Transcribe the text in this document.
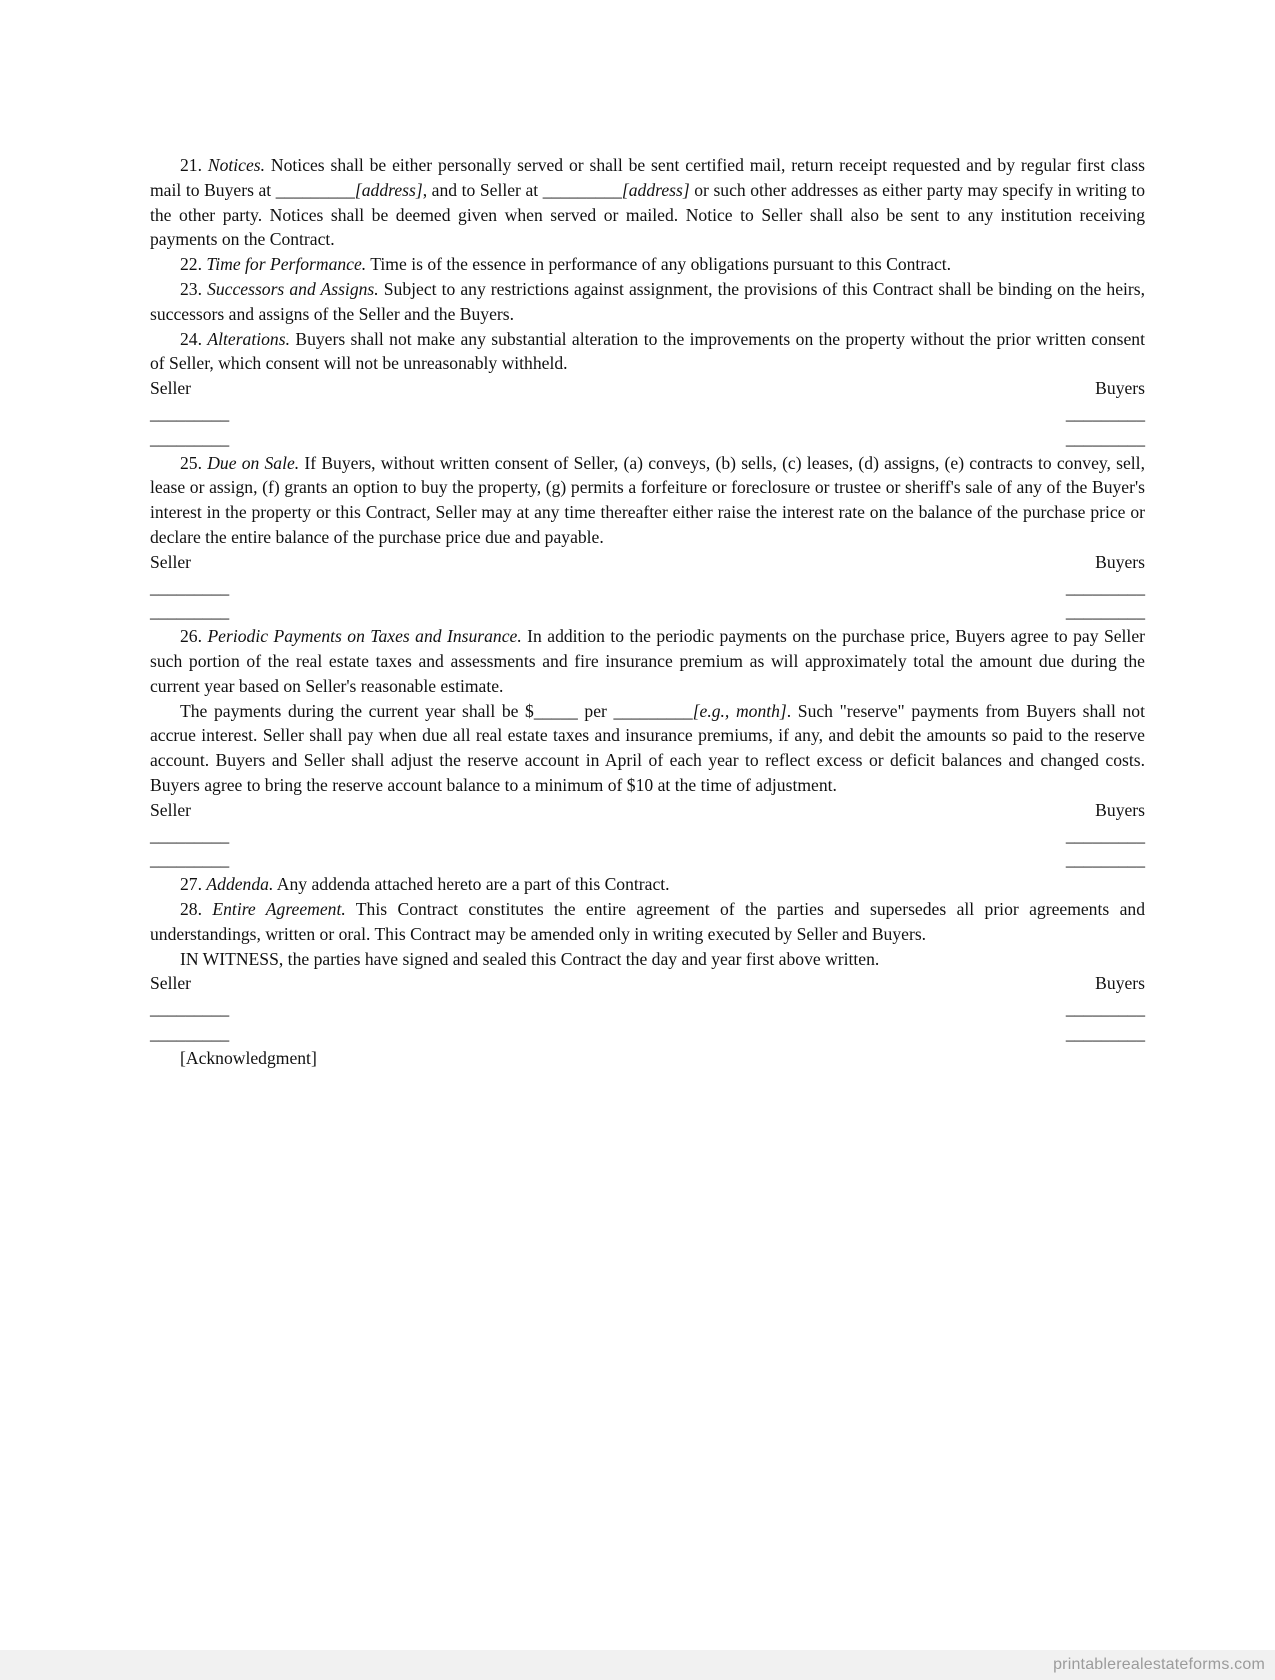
21. Notices. Notices shall be either personally served or shall be sent certified mail, return receipt requested and by regular first class mail to Buyers at _________[address], and to Seller at _________[address] or such other addresses as either party may specify in writing to the other party. Notices shall be deemed given when served or mailed. Notice to Seller shall also be sent to any institution receiving payments on the Contract.

22. Time for Performance. Time is of the essence in performance of any obligations pursuant to this Contract.

23. Successors and Assigns. Subject to any restrictions against assignment, the provisions of this Contract shall be binding on the heirs, successors and assigns of the Seller and the Buyers.

24. Alterations. Buyers shall not make any substantial alteration to the improvements on the property without the prior written consent of Seller, which consent will not be unreasonably withheld.

Seller	Buyers
_________	_________
_________	_________

25. Due on Sale. If Buyers, without written consent of Seller, (a) conveys, (b) sells, (c) leases, (d) assigns, (e) contracts to convey, sell, lease or assign, (f) grants an option to buy the property, (g) permits a forfeiture or foreclosure or trustee or sheriff's sale of any of the Buyer's interest in the property or this Contract, Seller may at any time thereafter either raise the interest rate on the balance of the purchase price or declare the entire balance of the purchase price due and payable.

Seller	Buyers
_________	_________
_________	_________

26. Periodic Payments on Taxes and Insurance. In addition to the periodic payments on the purchase price, Buyers agree to pay Seller such portion of the real estate taxes and assessments and fire insurance premium as will approximately total the amount due during the current year based on Seller's reasonable estimate.

The payments during the current year shall be $_____ per _________[e.g., month]. Such "reserve" payments from Buyers shall not accrue interest. Seller shall pay when due all real estate taxes and insurance premiums, if any, and debit the amounts so paid to the reserve account. Buyers and Seller shall adjust the reserve account in April of each year to reflect excess or deficit balances and changed costs. Buyers agree to bring the reserve account balance to a minimum of $10 at the time of adjustment.

Seller	Buyers
_________	_________
_________	_________

27. Addenda. Any addenda attached hereto are a part of this Contract.

28. Entire Agreement. This Contract constitutes the entire agreement of the parties and supersedes all prior agreements and understandings, written or oral. This Contract may be amended only in writing executed by Seller and Buyers.

IN WITNESS, the parties have signed and sealed this Contract the day and year first above written.

Seller	Buyers
_________	_________
_________	_________
[Acknowledgment]
printablerealestateforms.com
